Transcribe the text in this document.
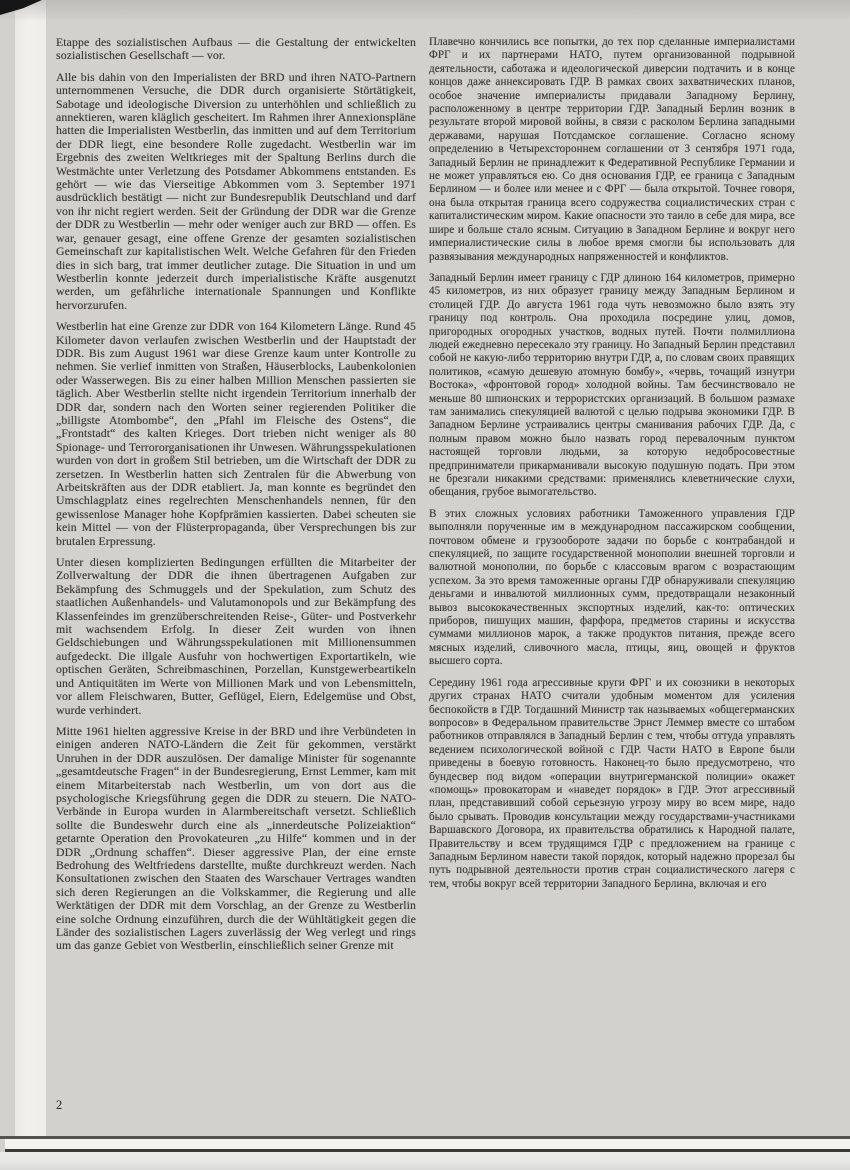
Etappe des sozialistischen Aufbaus — die Gestaltung der entwickelten sozialistischen Gesellschaft — vor.

Alle bis dahin von den Imperialisten der BRD und ihren NATO-Partnern unternommenen Versuche, die DDR durch organisierte Störtätigkeit, Sabotage und ideologische Diversion zu unterhöhlen und schließlich zu annektieren, waren kläglich gescheitert. Im Rahmen ihrer Annexionspläne hatten die Imperialisten Westberlin, das inmitten und auf dem Territorium der DDR liegt, eine besondere Rolle zugedacht. Westberlin war im Ergebnis des zweiten Weltkrieges mit der Spaltung Berlins durch die Westmächte unter Verletzung des Potsdamer Abkommens entstanden. Es gehört — wie das Vierseitige Abkommen vom 3. September 1971 ausdrücklich bestätigt — nicht zur Bundesrepublik Deutschland und darf von ihr nicht regiert werden. Seit der Gründung der DDR war die Grenze der DDR zu Westberlin — mehr oder weniger auch zur BRD — offen. Es war, genauer gesagt, eine offene Grenze der gesamten sozialistischen Gemeinschaft zur kapitalistischen Welt. Welche Gefahren für den Frieden dies in sich barg, trat immer deutlicher zutage. Die Situation in und um Westberlin konnte jederzeit durch imperialistische Kräfte ausgenutzt werden, um gefährliche internationale Spannungen und Konflikte hervorzurufen.

Westberlin hat eine Grenze zur DDR von 164 Kilometern Länge. Rund 45 Kilometer davon verlaufen zwischen Westberlin und der Hauptstadt der DDR. Bis zum August 1961 war diese Grenze kaum unter Kontrolle zu nehmen. Sie verlief inmitten von Straßen, Häuserblocks, Laubenkolonien oder Wasserwegen. Bis zu einer halben Million Menschen passierten sie täglich. Aber Westberlin stellte nicht irgendein Territorium innerhalb der DDR dar, sondern nach den Worten seiner regierenden Politiker die „billigste Atombombe“, den „Pfahl im Fleische des Ostens“, die „Frontstadt“ des kalten Krieges. Dort trieben nicht weniger als 80 Spionage- und Terrororganisationen ihr Unwesen. Währungsspekulationen wurden von dort in großem Stil betrieben, um die Wirtschaft der DDR zu zersetzen. In Westberlin hatten sich Zentralen für die Abwerbung von Arbeitskräften aus der DDR etabliert. Ja, man konnte es begründet den Umschlagplatz eines regelrechten Menschenhandels nennen, für den gewissenlose Manager hohe Kopfprämien kassierten. Dabei scheuten sie kein Mittel — von der Flüsterpropaganda, über Versprechungen bis zur brutalen Erpressung.

Unter diesen komplizierten Bedingungen erfüllten die Mitarbeiter der Zollverwaltung der DDR die ihnen übertragenen Aufgaben zur Bekämpfung des Schmuggels und der Spekulation, zum Schutz des staatlichen Außenhandels- und Valutamonopols und zur Bekämpfung des Klassenfeindes im grenzüberschreitenden Reise-, Güter- und Postverkehr mit wachsendem Erfolg. In dieser Zeit wurden von ihnen Geldschiebungen und Währungsspekulationen mit Millionensummen aufgedeckt. Die illgale Ausfuhr von hochwertigen Exportartikeln, wie optischen Geräten, Schreibmaschinen, Porzellan, Kunstgewerbeartikeln und Antiquitäten im Werte von Millionen Mark und von Lebensmitteln, vor allem Fleischwaren, Butter, Geflügel, Eiern, Edelgemüse und Obst, wurde verhindert.

Mitte 1961 hielten aggressive Kreise in der BRD und ihre Verbündeten in einigen anderen NATO-Ländern die Zeit für gekommen, verstärkt Unruhen in der DDR auszulösen. Der damalige Minister für sogenannte „gesamtdeutsche Fragen“ in der Bundesregierung, Ernst Lemmer, kam mit einem Mitarbeiterstab nach Westberlin, um von dort aus die psychologische Kriegsführung gegen die DDR zu steuern. Die NATO-Verbände in Europa wurden in Alarmbereitschaft versetzt. Schließlich sollte die Bundeswehr durch eine als „innerdeutsche Polizeiaktion“ getarnte Operation den Provokateuren „zu Hilfe“ kommen und in der DDR „Ordnung schaffen“. Dieser aggressive Plan, der eine ernste Bedrohung des Weltfriedens darstellte, mußte durchkreuzt werden. Nach Konsultationen zwischen den Staaten des Warschauer Vertrages wandten sich deren Regierungen an die Volkskammer, die Regierung und alle Werktätigen der DDR mit dem Vorschlag, an der Grenze zu Westberlin eine solche Ordnung einzuführen, durch die der Wühltätigkeit gegen die Länder des sozialistischen Lagers zuverlässig der Weg verlegt und rings um das ganze Gebiet von Westberlin, einschließlich seiner Grenze mit

Плавечно кончились все попытки, до тех пор сделанные империалистами ФРГ и их партнерами НАТО, путем организованной подрывной деятельности, саботажа и идеологической диверсии подтачить и в конце концов даже аннексировать ГДР. В рамках своих захватнических планов, особое значение империалисты придавали Западному Берлину, расположенному в центре территории ГДР. Западный Берлин возник в результате второй мировой войны, в связи с расколом Берлина западными державами, нарушая Потсдамское соглашение. Согласно ясному определению в Четырехстороннем соглашении от 3 сентября 1971 года, Западный Берлин не принадлежит к Федеративной Республике Германии и не может управляться ею. Со дня основания ГДР, ее граница с Западным Берлином — и более или менее и с ФРГ — была открытой. Точнее говоря, она была открытая граница всего содружества социалистических стран с капиталистическим миром. Какие опасности это таило в себе для мира, все шире и больше стало ясным. Ситуацию в Западном Берлине и вокруг него империалистические силы в любое время смогли бы использовать для развязывания международных напряженностей и конфликтов.

Западный Берлин имеет границу с ГДР длиною 164 километров, примерно 45 километров, из них образует границу между Западным Берлином и столицей ГДР. До августа 1961 года чуть невозможно было взять эту границу под контроль. Она проходила посредине улиц, домов, пригородных огородных участков, водных путей. Почти полмиллиона людей ежедневно пересекало эту границу. Но Западный Берлин представил собой не какую-либо территорию внутри ГДР, а, по словам своих правящих политиков, «самую дешевую атомную бомбу», «червь, точащий изнутри Востока», «фронтовой город» холодной войны. Там бесчинствовало не меньше 80 шпионских и террористских организаций. В большом размахе там занимались спекуляцией валютой с целью подрыва экономики ГДР. В Западном Берлине устраивались центры сманивания рабочих ГДР. Да, с полным правом можно было назвать город перевалочным пунктом настоящей торговли людьми, за которую недобросовестные предприниматели прикарманивали высокую подушную подать. При этом не брезгали никакими средствами: применялись клеветнические слухи, обещания, грубое вымогательство.

В этих сложных условиях работники Таможенного управления ГДР выполняли порученные им в международном пассажирском сообщении, почтовом обмене и грузообороте задачи по борьбе с контрабандой и спекуляцией, по защите государственной монополии внешней торговли и валютной монополии, по борьбе с классовым врагом с возрастающим успехом. За это время таможенные органы ГДР обнаруживали спекуляцию деньгами и инвалютой миллионных сумм, предотвращали незаконный вывоз высококачественных экспортных изделий, как-то: оптических приборов, пишущих машин, фарфора, предметов старины и искусства суммами миллионов марок, а также продуктов питания, прежде всего мясных изделий, сливочного масла, птицы, яиц, овощей и фруктов высшего сорта.

Середину 1961 года агрессивные круги ФРГ и их союзники в некоторых других странах НАТО считали удобным моментом для усиления беспокойств в ГДР. Тогдашний Министр так называемых «общегерманских вопросов» в Федеральном правительстве Эрнст Леммер вместе со штабом работников отправлялся в Западный Берлин с тем, чтобы оттуда управлять ведением психологической войной с ГДР. Части НАТО в Европе были приведены в боевую готовность. Наконец-то было предусмотрено, что бундесвер под видом «операции внутригерманской полиции» окажет «помощь» провокаторам и «наведет порядок» в ГДР. Этот агрессивный план, представивший собой серьезную угрозу миру во всем мире, надо было срывать. Проводив консультации между государствами-участниками Варшавского Договора, их правительства обратились к Народной палате, Правительству и всем трудящимся ГДР с предложением на границе с Западным Берлином навести такой порядок, который надежно прорезал бы путь подрывной деятельности против стран социалистического лагеря с тем, чтобы вокруг всей территории Западного Берлина, включая и его

2
